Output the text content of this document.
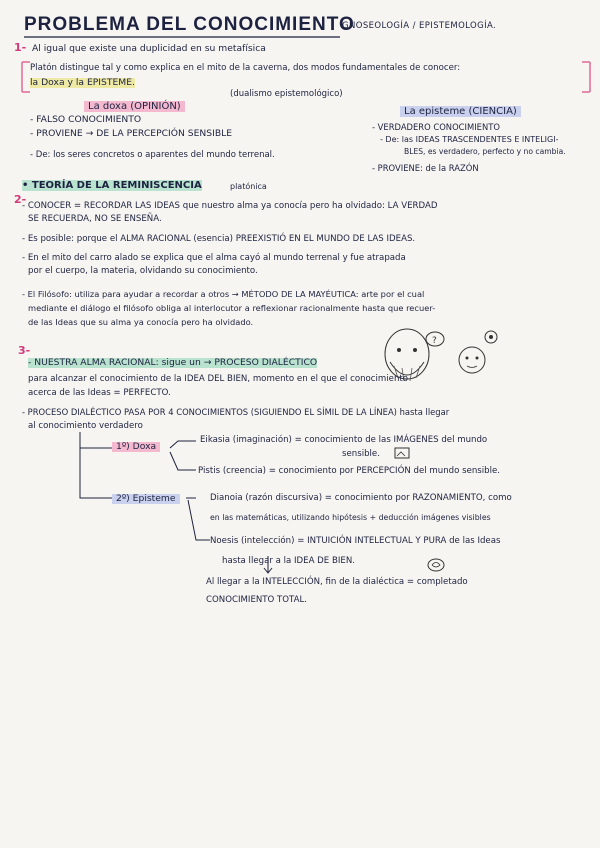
PROBLEMA DEL CONOCIMIENTO
GNOSEOLOGÍA / EPISTEMOLOGÍA.
1- Al igual que existe una duplicidad en su metafísica
Platón distingue tal y como explica en el mito de la caverna, dos modos fundamentales de conocer:
la Doxa y la EPISTEME.
(dualismo epistemológico)
La doxa (OPINIÓN)
- FALSO CONOCIMIENTO
- PROVIENE → DE LA PERCEPCIÓN SENSIBLE
- De: los seres concretos o aparentes del mundo terrenal.
La episteme (CIENCIA)
- VERDADERO CONOCIMIENTO
- De: las IDEAS TRASCENDENTES E INTELIGI-
BLES, es verdadero, perfecto y no cambia.
- PROVIENE: de la RAZÓN
• TEORÍA DE LA REMINISCENCIA	platónica
2-
- CONOCER = RECORDAR LAS IDEAS que nuestro alma ya conocía pero ha olvidado: LA VERDAD
SE RECUERDA, NO SE ENSEÑA.
- Es posible: porque el ALMA RACIONAL (esencia) PREEXISTIÓ EN EL MUNDO DE LAS IDEAS.
- En el mito del carro alado se explica que el alma cayó al mundo terrenal y fue atrapada
por el cuerpo, la materia, olvidando su conocimiento.
- El Filósofo: utiliza para ayudar a recordar a otros → MÉTODO DE LA MAYÉUTICA: arte por el cual
mediante el diálogo el filósofo obliga al interlocutor a reflexionar racionalmente hasta que recuer-
de las Ideas que su alma ya conocía pero ha olvidado.
?
3-
- NUESTRA ALMA RACIONAL: sigue un → PROCESO DIALÉCTICO
para alcanzar el conocimiento de la IDEA DEL BIEN, momento en el que el conocimiento
acerca de las Ideas = PERFECTO.
- PROCESO DIALÉCTICO PASA POR 4 CONOCIMIENTOS (SIGUIENDO EL SÍMIL DE LA LÍNEA) hasta llegar
al conocimiento verdadero
1º) Doxa
Eikasia (imaginación) = conocimiento de las IMÁGENES del mundo
sensible.
Pistis (creencia) = conocimiento por PERCEPCIÓN del mundo sensible.
2º) Episteme	Dianoia (razón discursiva) = conocimiento por RAZONAMIENTO, como
en las matemáticas, utilizando hipótesis + deducción imágenes visibles
Noesis (intelección) = INTUICIÓN INTELECTUAL Y PURA de las Ideas
hasta llegar a la IDEA DE BIEN.
Al llegar a la INTELECCIÓN, fin de la dialéctica = completado
CONOCIMIENTO TOTAL.
